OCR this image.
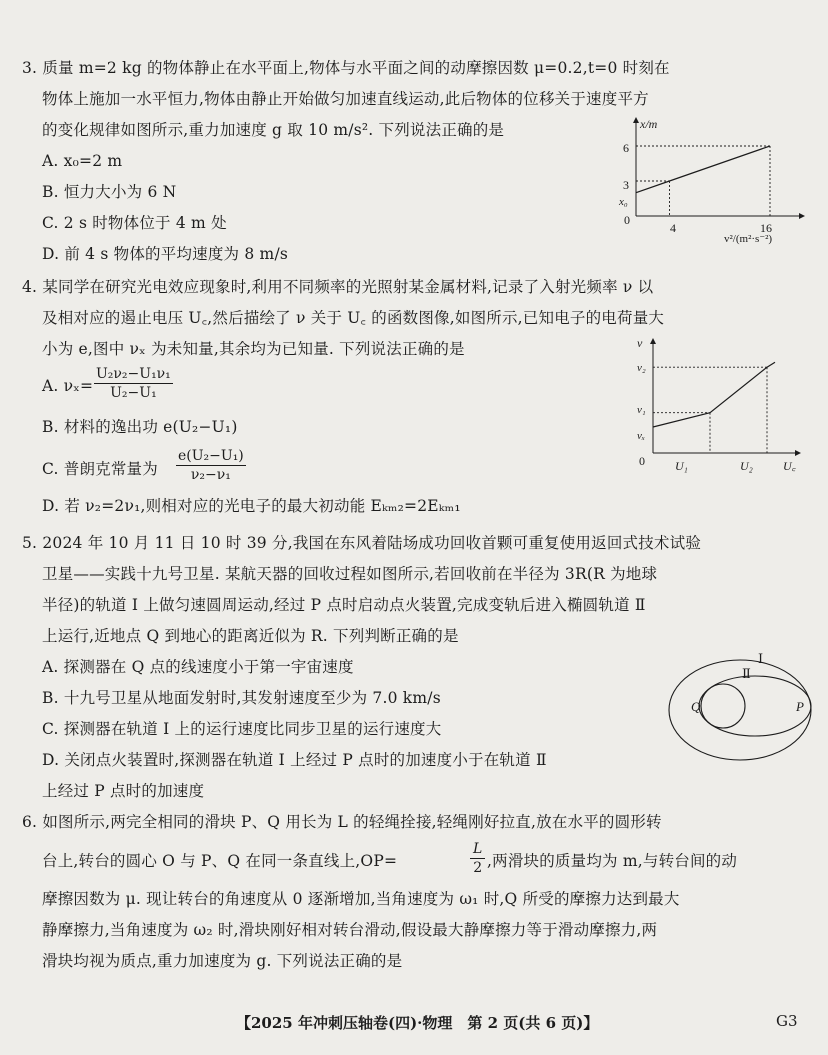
3. 质量 m=2 kg 的物体静止在水平面上,物体与水平面之间的动摩擦因数 μ=0.2,t=0 时刻在
物体上施加一水平恒力,物体由静止开始做匀加速直线运动,此后物体的位移关于速度平方
的变化规律如图所示,重力加速度 g 取 10 m/s². 下列说法正确的是
A. x₀=2 m
B. 恒力大小为 6 N
C. 2 s 时物体位于 4 m 处
D. 前 4 s 物体的平均速度为 8 m/s
x/m
v²/(m²·s⁻²)
0
4	16
x₀
3
6
4. 某同学在研究光电效应现象时,利用不同频率的光照射某金属材料,记录了入射光频率 ν 以
及相对应的遏止电压 U꜀,然后描绘了 ν 关于 U꜀ 的函数图像,如图所示,已知电子的电荷量大
小为 e,图中 νₓ 为未知量,其余均为已知量. 下列说法正确的是
A. $\nu_x= \frac{\text{U₂ν₂−U₁ν₁}}{\text{U₂−U₁}}$
B. 材料的逸出功 e(U₂−U₁)
C. 普朗克常量为 $\frac{\text{e(U₂−U₁)}}{\text{ν₂−ν₁}}$
D. 若 ν₂=2ν₁,则相对应的光电子的最大初动能 Eₖₘ₂=2Eₖₘ₁
ν
U꜀
0	U₁	U₂
νₓ
ν₁
ν₂
5. 2024 年 10 月 11 日 10 时 39 分,我国在东风着陆场成功回收首颗可重复使用返回式技术试验
卫星——实践十九号卫星. 某航天器的回收过程如图所示,若回收前在半径为 3R(R 为地球
半径)的轨道 Ⅰ 上做匀速圆周运动,经过 P 点时启动点火装置,完成变轨后进入椭圆轨道 Ⅱ
上运行,近地点 Q 到地心的距离近似为 R. 下列判断正确的是
A. 探测器在 Q 点的线速度小于第一宇宙速度
B. 十九号卫星从地面发射时,其发射速度至少为 7.0 km/s
C. 探测器在轨道 Ⅰ 上的运行速度比同步卫星的运行速度大
D. 关闭点火装置时,探测器在轨道 Ⅰ 上经过 P 点时的加速度小于在轨道 Ⅱ
上经过 P 点时的加速度
Ⅰ
Ⅱ
Q	P
6. 如图所示,两完全相同的滑块 P、Q 用长为 L 的轻绳拴接,轻绳刚好拉直,放在水平的圆形转
台上,转台的圆心 O 与 P、Q 在同一条直线上,OP=	$\frac{L}{2}$ ,两滑块的质量均为 m,与转台间的动
摩擦因数为 μ. 现让转台的角速度从 0 逐渐增加,当角速度为 ω₁ 时,Q 所受的摩擦力达到最大
静摩擦力,当角速度为 ω₂ 时,滑块刚好相对转台滑动,假设最大静摩擦力等于滑动摩擦力,两
滑块均视为质点,重力加速度为 g. 下列说法正确的是
【2025 年冲刺压轴卷(四)·物理　第 2 页(共 6 页)】	G3
